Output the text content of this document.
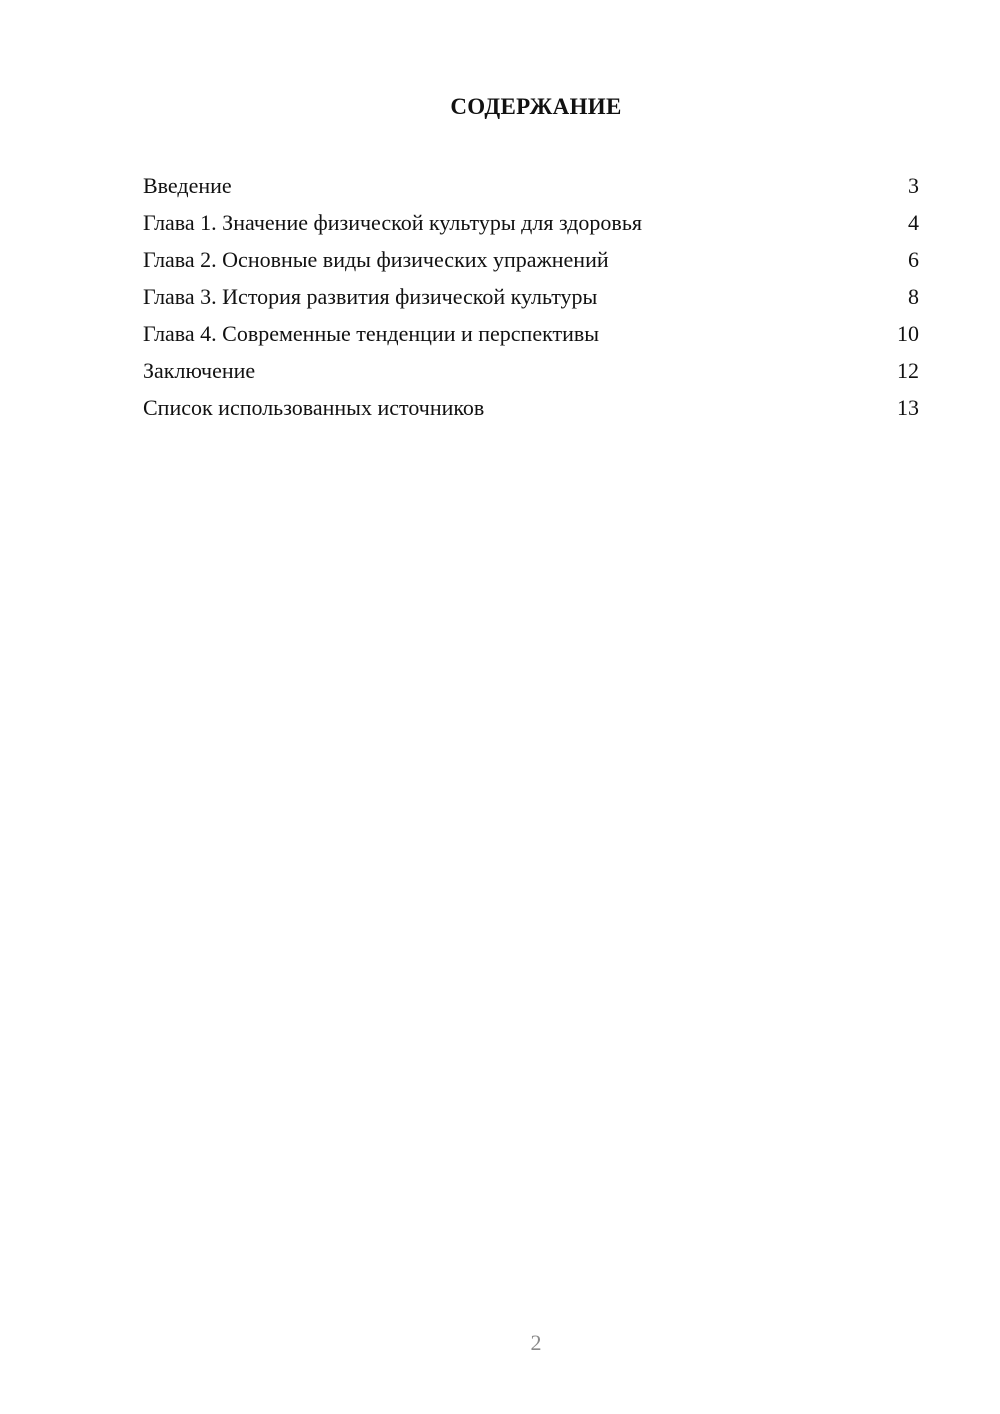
СОДЕРЖАНИЕ
Введение	3
Глава 1. Значение физической культуры для здоровья	4
Глава 2. Основные виды физических упражнений	6
Глава 3. История развития физической культуры	8
Глава 4. Современные тенденции и перспективы	10
Заключение	12
Список использованных источников	13
2
